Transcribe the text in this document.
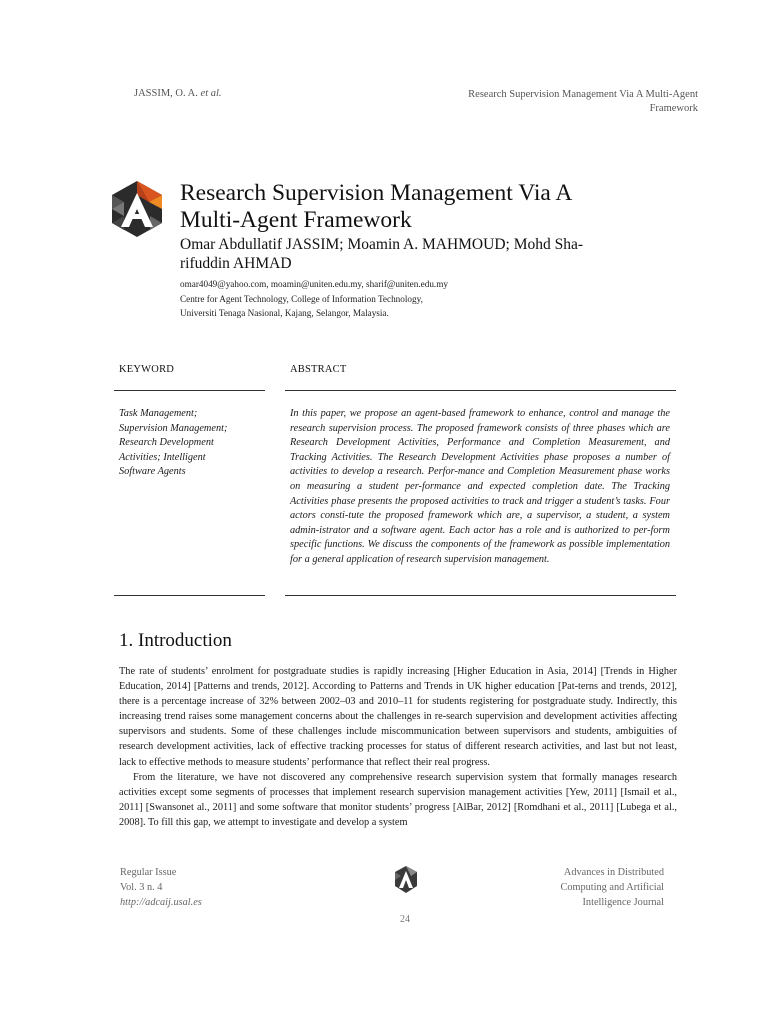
JASSIM, O. A. et al.	Research Supervision Management Via A Multi-Agent
Framework
Research Supervision Management Via A
Multi-Agent Framework
Omar Abdullatif JASSIM; Moamin A. MAHMOUD; Mohd Sha-
rifuddin AHMAD
omar4049@yahoo.com, moamin@uniten.edu.my, sharif@uniten.edu.my
Centre for Agent Technology, College of Information Technology,
Universiti Tenaga Nasional, Kajang, Selangor, Malaysia.
KEYWORD	ABSTRACT
Task Management;
Supervision Management;
Research Development
Activities; Intelligent
Software Agents
In this paper, we propose an agent-based framework to enhance, control and manage the research supervision process. The proposed framework consists of three phases which are Research Development Activities, Performance and Completion Measurement, and Tracking Activities. The Research Development Activities phase proposes a number of activities to develop a research. Perfor-mance and Completion Measurement phase works on measuring a student per-formance and expected completion date. The Tracking Activities phase presents the proposed activities to track and trigger a student’s tasks. Four actors consti-tute the proposed framework which are, a supervisor, a student, a system admin-istrator and a software agent. Each actor has a role and is authorized to per-form specific functions. We discuss the components of the framework as possible implementation for a general application of research supervision management.
1. Introduction

The rate of students’ enrolment for postgraduate studies is rapidly increasing [Higher Education in Asia, 2014] [Trends in Higher Education, 2014] [Patterns and trends, 2012]. According to Patterns and Trends in UK higher education [Pat-terns and trends, 2012], there is a percentage increase of 32% between 2002–03 and 2010–11 for students registering for postgraduate study. Indirectly, this increasing trend raises some management concerns about the challenges in re-search supervision and development activities affecting supervisors and students. Some of these challenges include miscommunication between supervisors and students, ambiguities of research development activities, lack of effective tracking processes for status of different research activities, and last but not least, lack to effective methods to measure students’ performance that reflect their real progress.

From the literature, we have not discovered any comprehensive research supervision system that formally manages research activities except some segments of processes that implement research supervision management activities [Yew, 2011] [Ismail et al., 2011] [Swansonet al., 2011] and some software that monitor students’ progress [AlBar, 2012] [Romdhani et al., 2011] [Lubega et al., 2008]. To fill this gap, we attempt to investigate and develop a system

Regular Issue
Vol. 3 n. 4
http://adcaij.usal.es
Advances in Distributed
Computing and Artificial
Intelligence Journal
24
